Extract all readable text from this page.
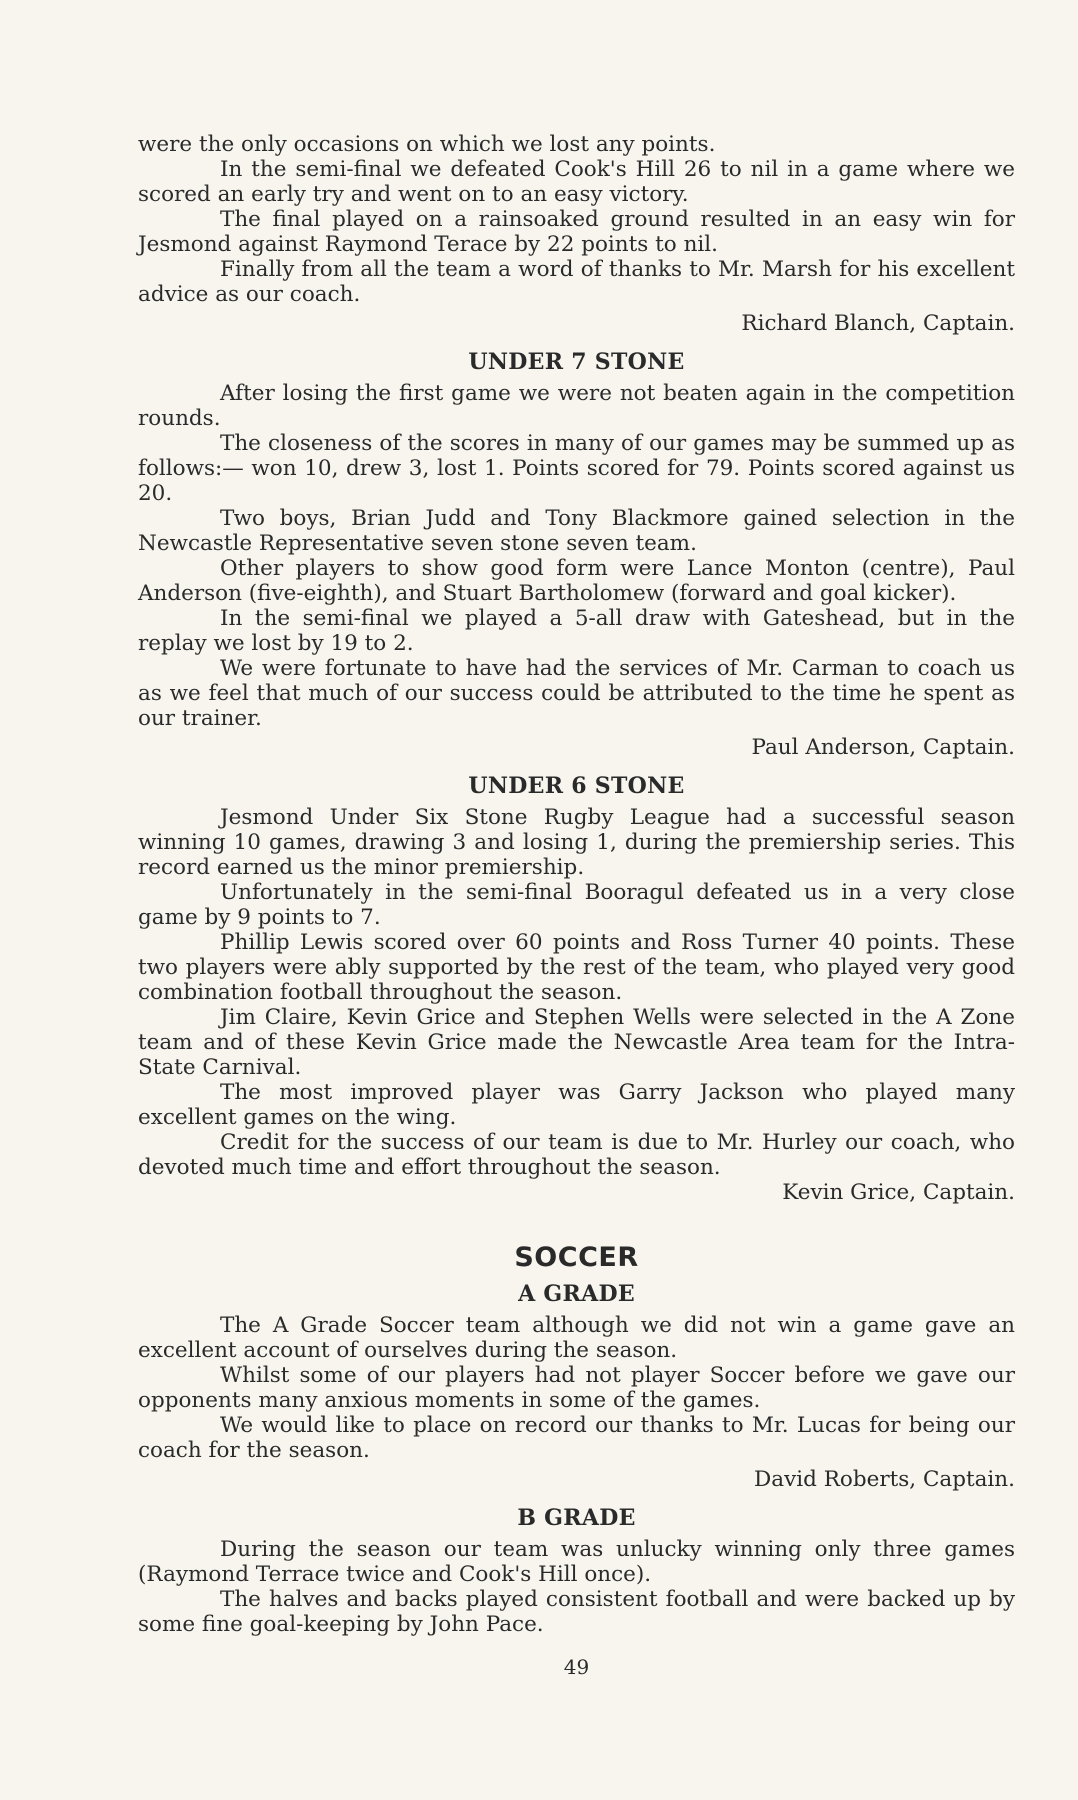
were the only occasions on which we lost any points.

In the semi-final we defeated Cook's Hill 26 to nil in a game where we scored an early try and went on to an easy victory.

The final played on a rainsoaked ground resulted in an easy win for Jesmond against Raymond Terace by 22 points to nil.

Finally from all the team a word of thanks to Mr. Marsh for his excellent advice as our coach.

Richard Blanch, Captain.

UNDER 7 STONE

After losing the first game we were not beaten again in the competition rounds.

The closeness of the scores in many of our games may be summed up as follows:— won 10, drew 3, lost 1. Points scored for 79. Points scored against us 20.

Two boys, Brian Judd and Tony Blackmore gained selection in the Newcastle Representative seven stone seven team.

Other players to show good form were Lance Monton (centre), Paul Anderson (five-eighth), and Stuart Bartholomew (forward and goal kicker).

In the semi-final we played a 5-all draw with Gateshead, but in the replay we lost by 19 to 2.

We were fortunate to have had the services of Mr. Carman to coach us as we feel that much of our success could be attributed to the time he spent as our trainer.

Paul Anderson, Captain.

UNDER 6 STONE

Jesmond Under Six Stone Rugby League had a successful season winning 10 games, drawing 3 and losing 1, during the premiership series. This record earned us the minor premiership.

Unfortunately in the semi-final Booragul defeated us in a very close game by 9 points to 7.

Phillip Lewis scored over 60 points and Ross Turner 40 points. These two players were ably supported by the rest of the team, who played very good combination football throughout the season.

Jim Claire, Kevin Grice and Stephen Wells were selected in the A Zone team and of these Kevin Grice made the Newcastle Area team for the Intra-State Carnival.

The most improved player was Garry Jackson who played many excellent games on the wing.

Credit for the success of our team is due to Mr. Hurley our coach, who devoted much time and effort throughout the season.

Kevin Grice, Captain.

SOCCER
A GRADE

The A Grade Soccer team although we did not win a game gave an excellent account of ourselves during the season.

Whilst some of our players had not player Soccer before we gave our opponents many anxious moments in some of the games.

We would like to place on record our thanks to Mr. Lucas for being our coach for the season.

David Roberts, Captain.

B GRADE

During the season our team was unlucky winning only three games (Raymond Terrace twice and Cook's Hill once).

The halves and backs played consistent football and were backed up by some fine goal-keeping by John Pace.

49
